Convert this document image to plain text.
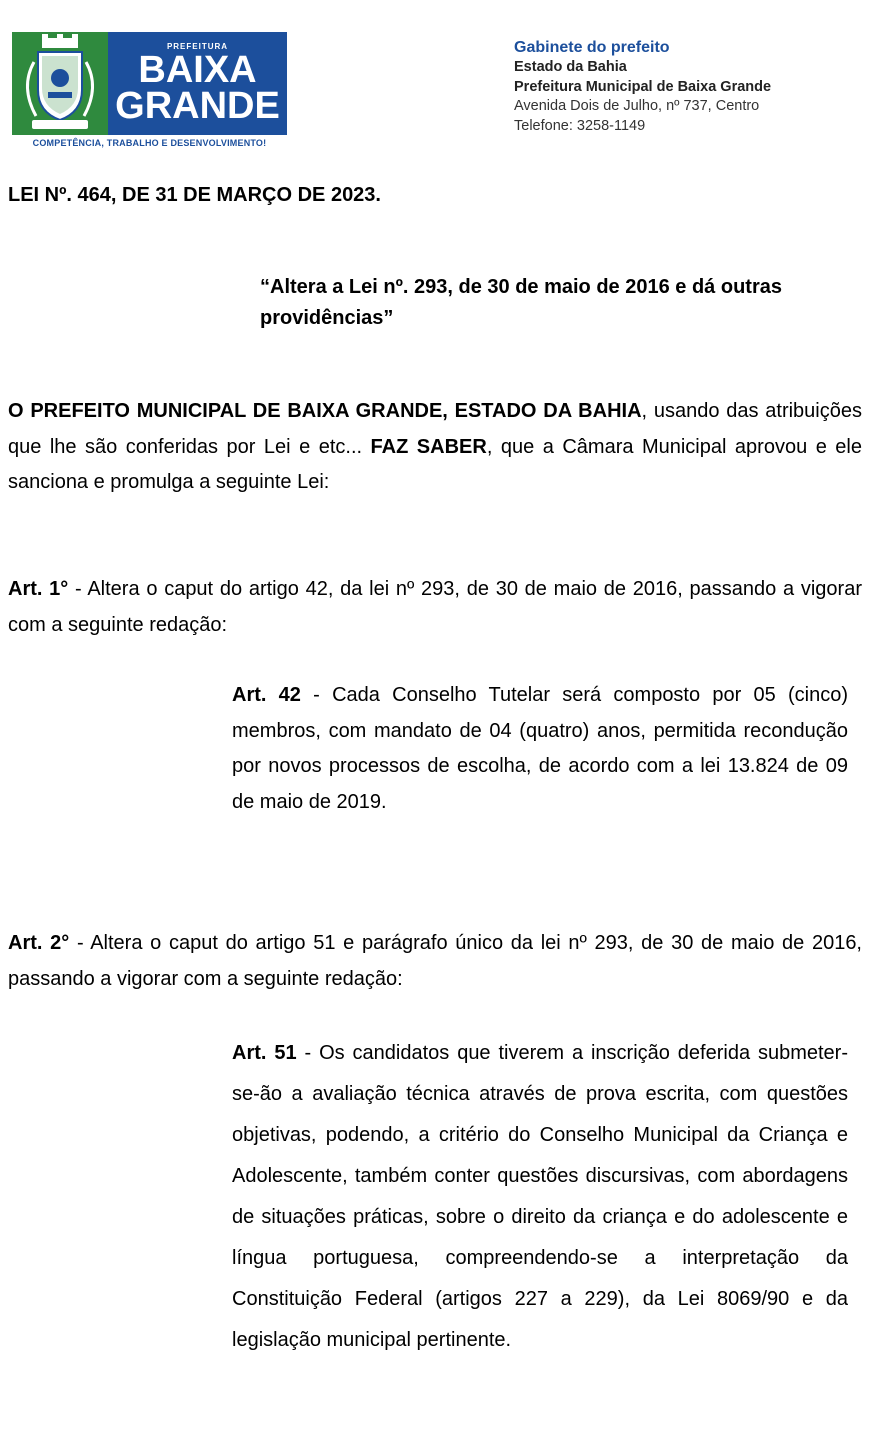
PREFEITURA
BAIXA
GRANDE
COMPETÊNCIA, TRABALHO E DESENVOLVIMENTO!
Gabinete do prefeito
Estado da Bahia
Prefeitura Municipal de Baixa Grande
Avenida Dois de Julho, nº 737, Centro
Telefone: 3258-1149
LEI Nº. 464, DE 31 DE MARÇO DE 2023.
“Altera a Lei nº. 293, de 30 de maio de 2016 e dá outras providências”
O PREFEITO MUNICIPAL DE BAIXA GRANDE, ESTADO DA BAHIA, usando das atribuições que lhe são conferidas por Lei e etc... FAZ SABER, que a Câmara Municipal aprovou e ele sanciona e promulga a seguinte Lei:
Art. 1° - Altera o caput do artigo 42, da lei nº 293, de 30 de maio de 2016, passando a vigorar com a seguinte redação:
Art. 42 - Cada Conselho Tutelar será composto por 05 (cinco) membros, com mandato de 04 (quatro) anos, permitida recondução por novos processos de escolha, de acordo com a lei 13.824 de 09 de maio de 2019.
Art. 2° - Altera o caput do artigo 51 e parágrafo único da lei nº 293, de 30 de maio de 2016, passando a vigorar com a seguinte redação:
Art. 51 - Os candidatos que tiverem a inscrição deferida submeter-se-ão a avaliação técnica através de prova escrita, com questões objetivas, podendo, a critério do Conselho Municipal da Criança e Adolescente, também conter questões discursivas, com abordagens de situações práticas, sobre o direito da criança e do adolescente e língua portuguesa, compreendendo-se a interpretação da Constituição Federal (artigos 227 a 229), da Lei 8069/90 e da legislação municipal pertinente.
